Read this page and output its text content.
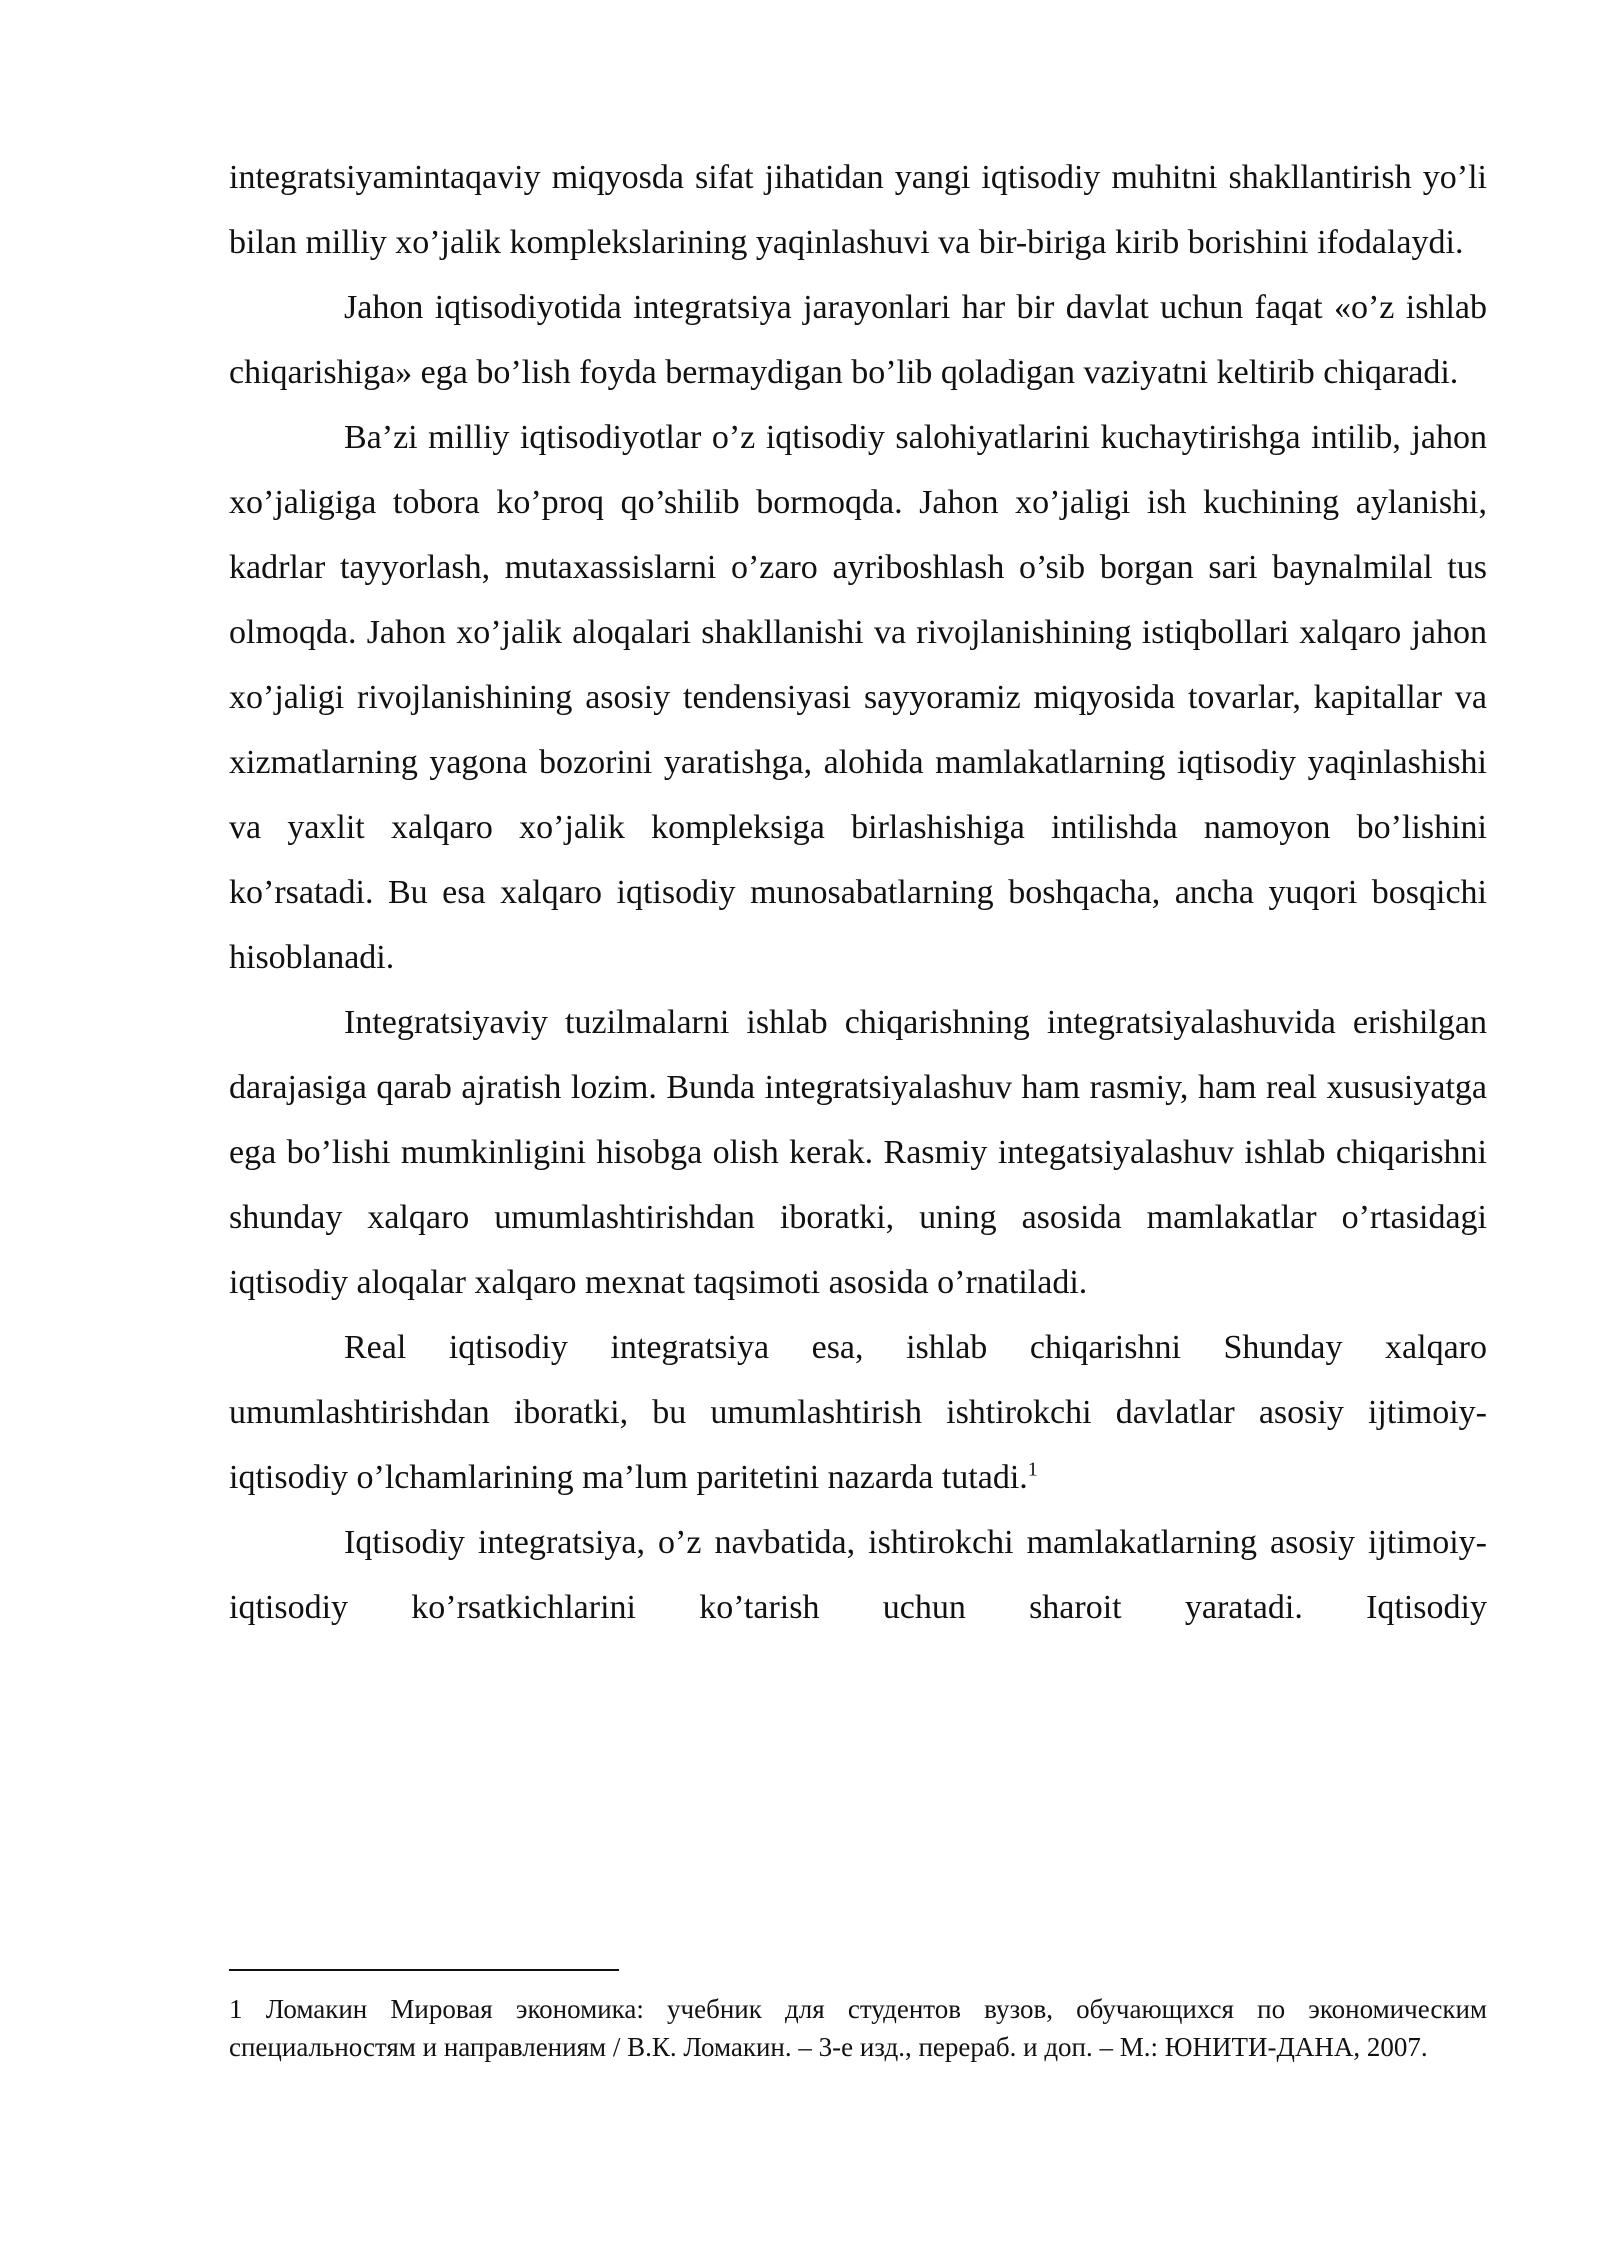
integratsiyamintaqaviy miqyosda sifat jihatidan yangi iqtisodiy muhitni shakllantirish yo’li bilan milliy xo’jalik komplekslarining yaqinlashuvi va bir-biriga kirib borishini ifodalaydi.

Jahon iqtisodiyotida integratsiya jarayonlari har bir davlat uchun faqat «o’z ishlab chiqarishiga» ega bo’lish foyda bermaydigan bo’lib qoladigan vaziyatni keltirib chiqaradi.

Ba’zi milliy iqtisodiyotlar o’z iqtisodiy salohiyatlarini kuchaytirishga intilib, jahon xo’jaligiga tobora ko’proq qo’shilib bormoqda. Jahon xo’jaligi ish kuchining aylanishi, kadrlar tayyorlash, mutaxassislarni o’zaro ayriboshlash o’sib borgan sari baynalmilal tus olmoqda. Jahon xo’jalik aloqalari shakllanishi va rivojlanishining istiqbollari xalqaro jahon xo’jaligi rivojlanishining asosiy tendensiyasi sayyoramiz miqyosida tovarlar, kapitallar va xizmatlarning yagona bozorini yaratishga, alohida mamlakatlarning iqtisodiy yaqinlashishi va yaxlit xalqaro xo’jalik kompleksiga birlashishiga intilishda namoyon bo’lishini ko’rsatadi. Bu esa xalqaro iqtisodiy munosabatlarning boshqacha, ancha yuqori bosqichi hisoblanadi.

Integratsiyaviy tuzilmalarni ishlab chiqarishning integratsiyalashuvida erishilgan darajasiga qarab ajratish lozim. Bunda integratsiyalashuv ham rasmiy, ham real xususiyatga ega bo’lishi mumkinligini hisobga olish kerak. Rasmiy integatsiyalashuv ishlab chiqarishni shunday xalqaro umumlashtirishdan iboratki, uning asosida mamlakatlar o’rtasidagi iqtisodiy aloqalar xalqaro mexnat taqsimoti asosida o’rnatiladi.

Real iqtisodiy integratsiya esa, ishlab chiqarishni Shunday xalqaro umumlashtirishdan iboratki, bu umumlashtirish ishtirokchi davlatlar asosiy ijtimoiy-iqtisodiy o’lchamlarining ma’lum paritetini nazarda tutadi.$^1$

Iqtisodiy integratsiya, o’z navbatida, ishtirokchi mamlakatlarning asosiy ijtimoiy-iqtisodiy ko’rsatkichlarini ko’tarish uchun sharoit yaratadi. Iqtisodiy

1 Ломакин Мировая экономика: учебник для студентов вузов, обучающихся по экономическим специальностям и направлениям / В.К. Ломакин. – 3-е изд., перераб. и доп. – М.: ЮНИТИ-ДАНА, 2007.
